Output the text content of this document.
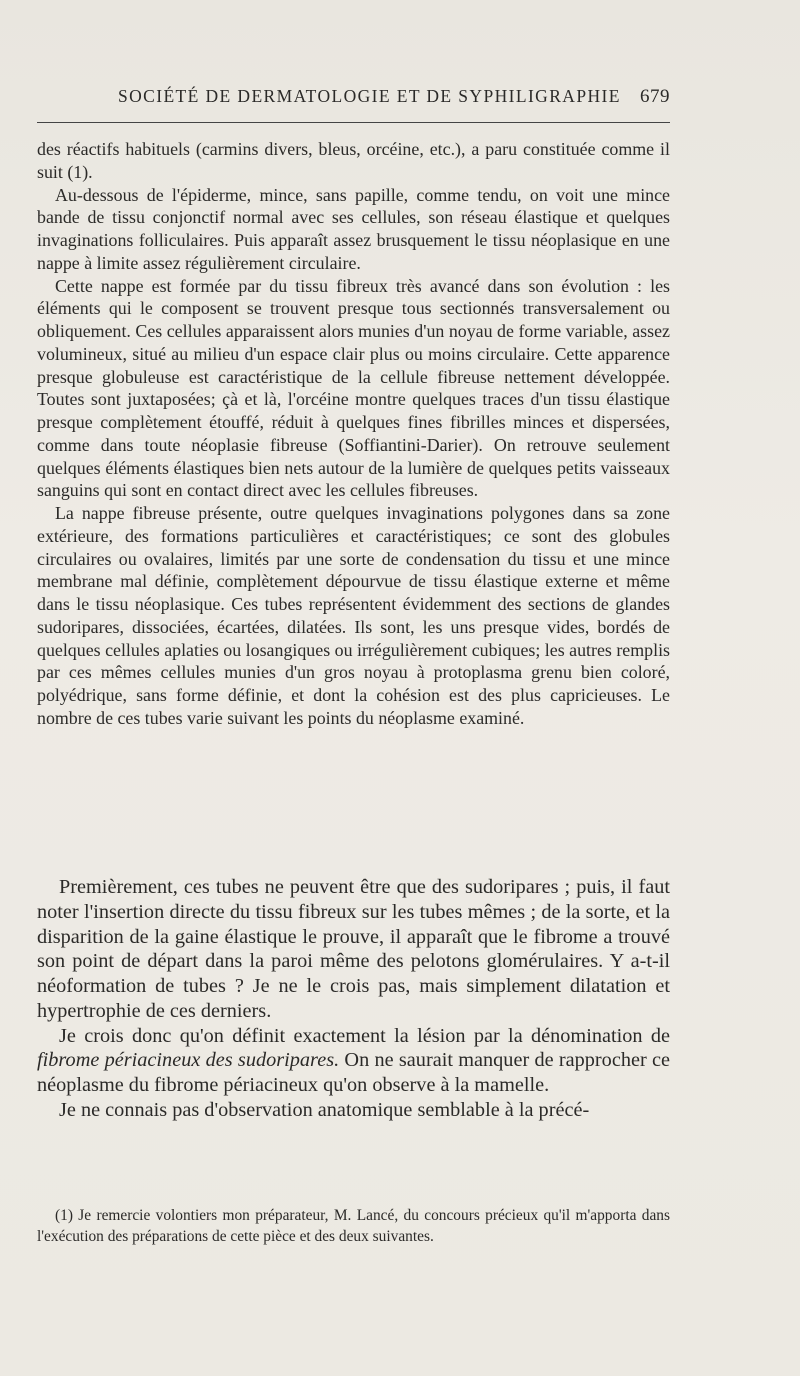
SOCIÉTÉ DE DERMATOLOGIE ET DE SYPHILIGRAPHIE 679

des réactifs habituels (carmins divers, bleus, orcéine, etc.), a paru constituée comme il suit (1).

Au-dessous de l'épiderme, mince, sans papille, comme tendu, on voit une mince bande de tissu conjonctif normal avec ses cellules, son réseau élastique et quelques invaginations folliculaires. Puis apparaît assez brusquement le tissu néoplasique en une nappe à limite assez régulièrement circulaire.

Cette nappe est formée par du tissu fibreux très avancé dans son évolution : les éléments qui le composent se trouvent presque tous sectionnés transversalement ou obliquement. Ces cellules apparaissent alors munies d'un noyau de forme variable, assez volumineux, situé au milieu d'un espace clair plus ou moins circulaire. Cette apparence presque globuleuse est caractéristique de la cellule fibreuse nettement développée. Toutes sont juxtaposées; çà et là, l'orcéine montre quelques traces d'un tissu élastique presque complètement étouffé, réduit à quelques fines fibrilles minces et dispersées, comme dans toute néoplasie fibreuse (Soffiantini-Darier). On retrouve seulement quelques éléments élastiques bien nets autour de la lumière de quelques petits vaisseaux sanguins qui sont en contact direct avec les cellules fibreuses.

La nappe fibreuse présente, outre quelques invaginations polygones dans sa zone extérieure, des formations particulières et caractéristiques; ce sont des globules circulaires ou ovalaires, limités par une sorte de condensation du tissu et une mince membrane mal définie, complètement dépourvue de tissu élastique externe et même dans le tissu néoplasique. Ces tubes représentent évidemment des sections de glandes sudoripares, dissociées, écartées, dilatées. Ils sont, les uns presque vides, bordés de quelques cellules aplaties ou losangiques ou irrégulièrement cubiques; les autres remplis par ces mêmes cellules munies d'un gros noyau à protoplasma grenu bien coloré, polyédrique, sans forme définie, et dont la cohésion est des plus capricieuses. Le nombre de ces tubes varie suivant les points du néoplasme examiné.

Premièrement, ces tubes ne peuvent être que des sudoripares ; puis, il faut noter l'insertion directe du tissu fibreux sur les tubes mêmes ; de la sorte, et la disparition de la gaine élastique le prouve, il apparaît que le fibrome a trouvé son point de départ dans la paroi même des pelotons glomérulaires. Y a-t-il néoformation de tubes ? Je ne le crois pas, mais simplement dilatation et hypertrophie de ces derniers.

Je crois donc qu'on définit exactement la lésion par la dénomination de fibrome périacineux des sudoripares. On ne saurait manquer de rapprocher ce néoplasme du fibrome périacineux qu'on observe à la mamelle.

Je ne connais pas d'observation anatomique semblable à la précé-

(1) Je remercie volontiers mon préparateur, M. Lancé, du concours précieux qu'il m'apporta dans l'exécution des préparations de cette pièce et des deux suivantes.
